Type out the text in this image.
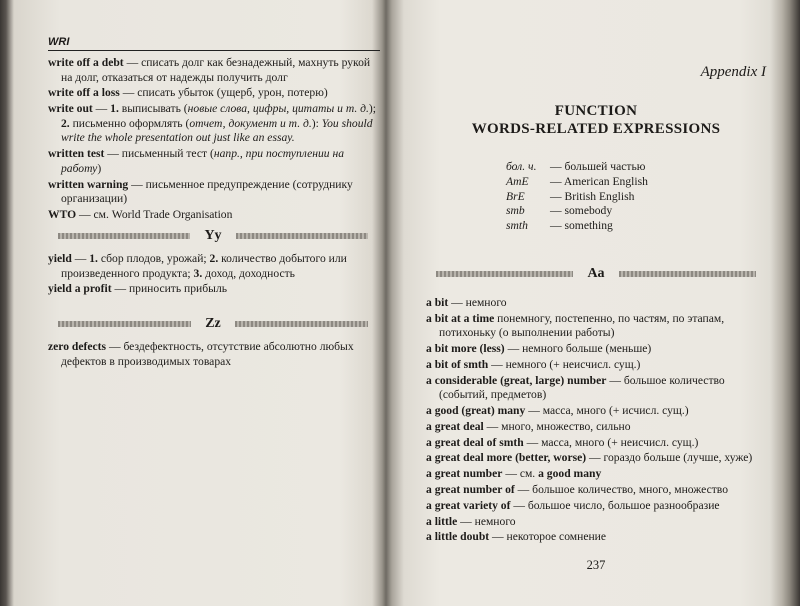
WRI
write off a debt — списать долг как безнадежный, махнуть рукой на долг, отказаться от надежды получить долг
write off a loss — списать убыток (ущерб, урон, потерю)
write out — 1. выписывать (новые слова, цифры, цитаты и т. д.); 2. письменно оформлять (отчет, документ и т. д.): You should write the whole presentation out just like an essay.
written test — письменный тест (напр., при поступлении на работу)
written warning — письменное предупреждение (сотруднику организации)
WTO — см. World Trade Organisation
Yy
yield — 1. сбор плодов, урожай; 2. количество добытого или произведенного продукта; 3. доход, доходность
yield a profit — приносить прибыль
Zz
zero defects — бездефектность, отсутствие абсолютно любых дефектов в производимых товарах
Appendix I
FUNCTION
WORDS-RELATED EXPRESSIONS
бол. ч.	— большей частью
AmE	— American English
BrE	— British English
smb	— somebody
smth	— something
Aa
a bit — немного
a bit at a time понемногу, постепенно, по частям, по этапам, потихоньку (о выполнении работы)
a bit more (less) — немного больше (меньше)
a bit of smth — немного (+ неисчисл. сущ.)
a considerable (great, large) number — большое количество (событий, предметов)
a good (great) many — масса, много (+ исчисл. сущ.)
a great deal — много, множество, сильно
a great deal of smth — масса, много (+ неисчисл. сущ.)
a great deal more (better, worse) — гораздо больше (лучше, хуже)
a great number — см. a good many
a great number of — большое количество, много, множество
a great variety of — большое число, большое разнообразие
a little — немного
a little doubt — некоторое сомнение
237
